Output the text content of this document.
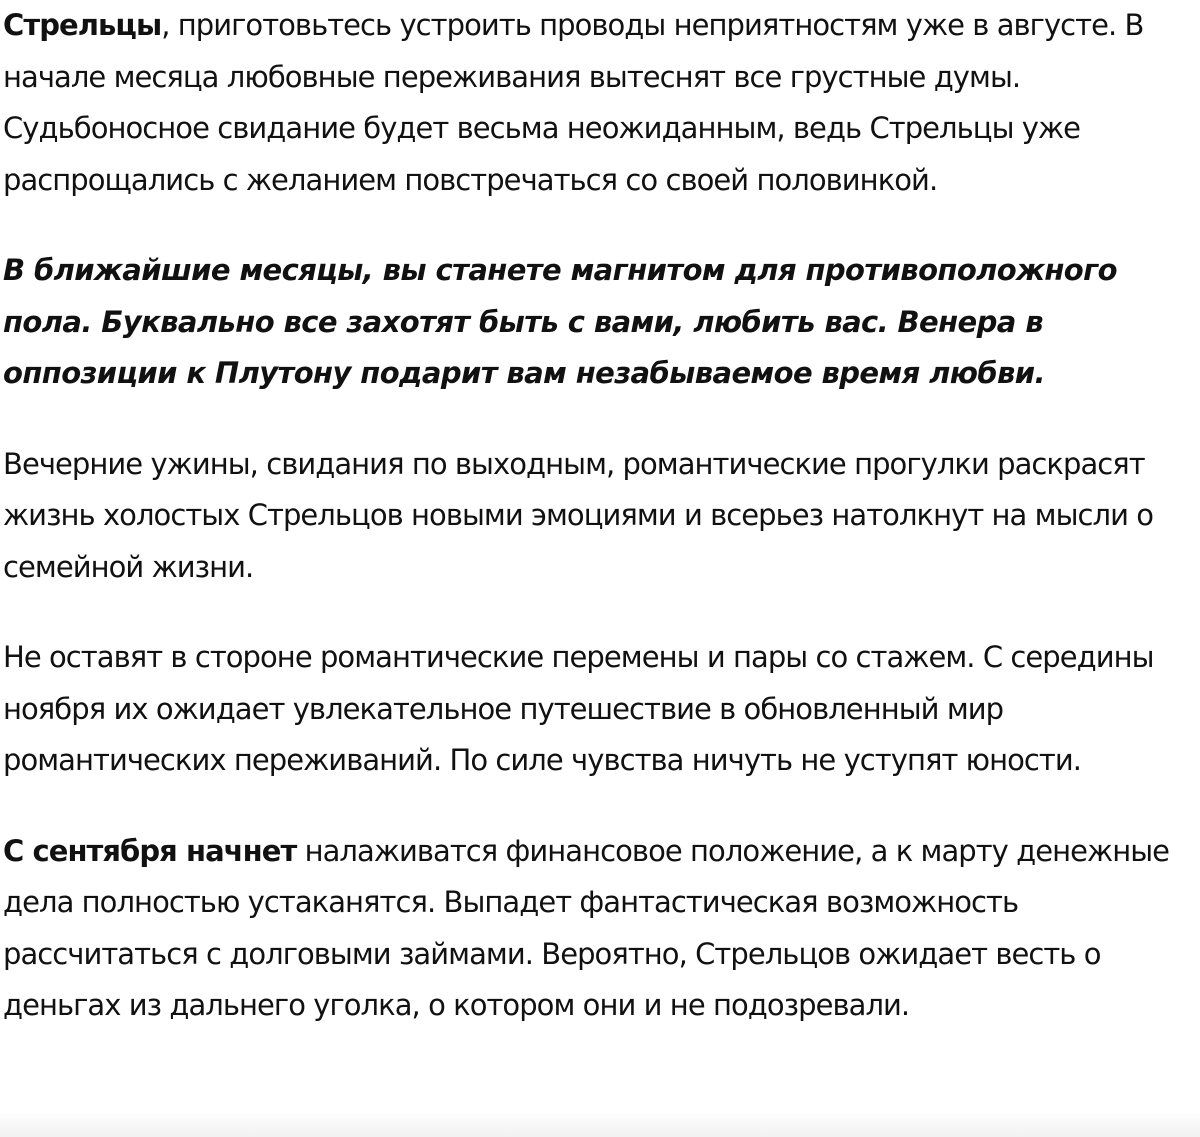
Стрельцы, приготовьтесь устроить проводы неприятностям уже в августе. В начале месяца любовные переживания вытеснят все грустные думы. Судьбоносное свидание будет весьма неожиданным, ведь Стрельцы уже распрощались с желанием повстречаться со своей половинкой.

В ближайшие месяцы, вы станете магнитом для противоположного пола. Буквально все захотят быть с вами, любить вас. Венера в оппозиции к Плутону подарит вам незабываемое время любви.

Вечерние ужины, свидания по выходным, романтические прогулки раскрасят жизнь холостых Стрельцов новыми эмоциями и всерьез натолкнут на мысли о семейной жизни.

Не оставят в стороне романтические перемены и пары со стажем. С середины ноября их ожидает увлекательное путешествие в обновленный мир романтических переживаний. По силе чувства ничуть не уступят юности.

С сентября начнет налаживатся финансовое положение, а к марту денежные дела полностью устаканятся. Выпадет фантастическая возможность рассчитаться с долговыми займами. Вероятно, Стрельцов ожидает весть о деньгах из дальнего уголка, о котором они и не подозревали.
